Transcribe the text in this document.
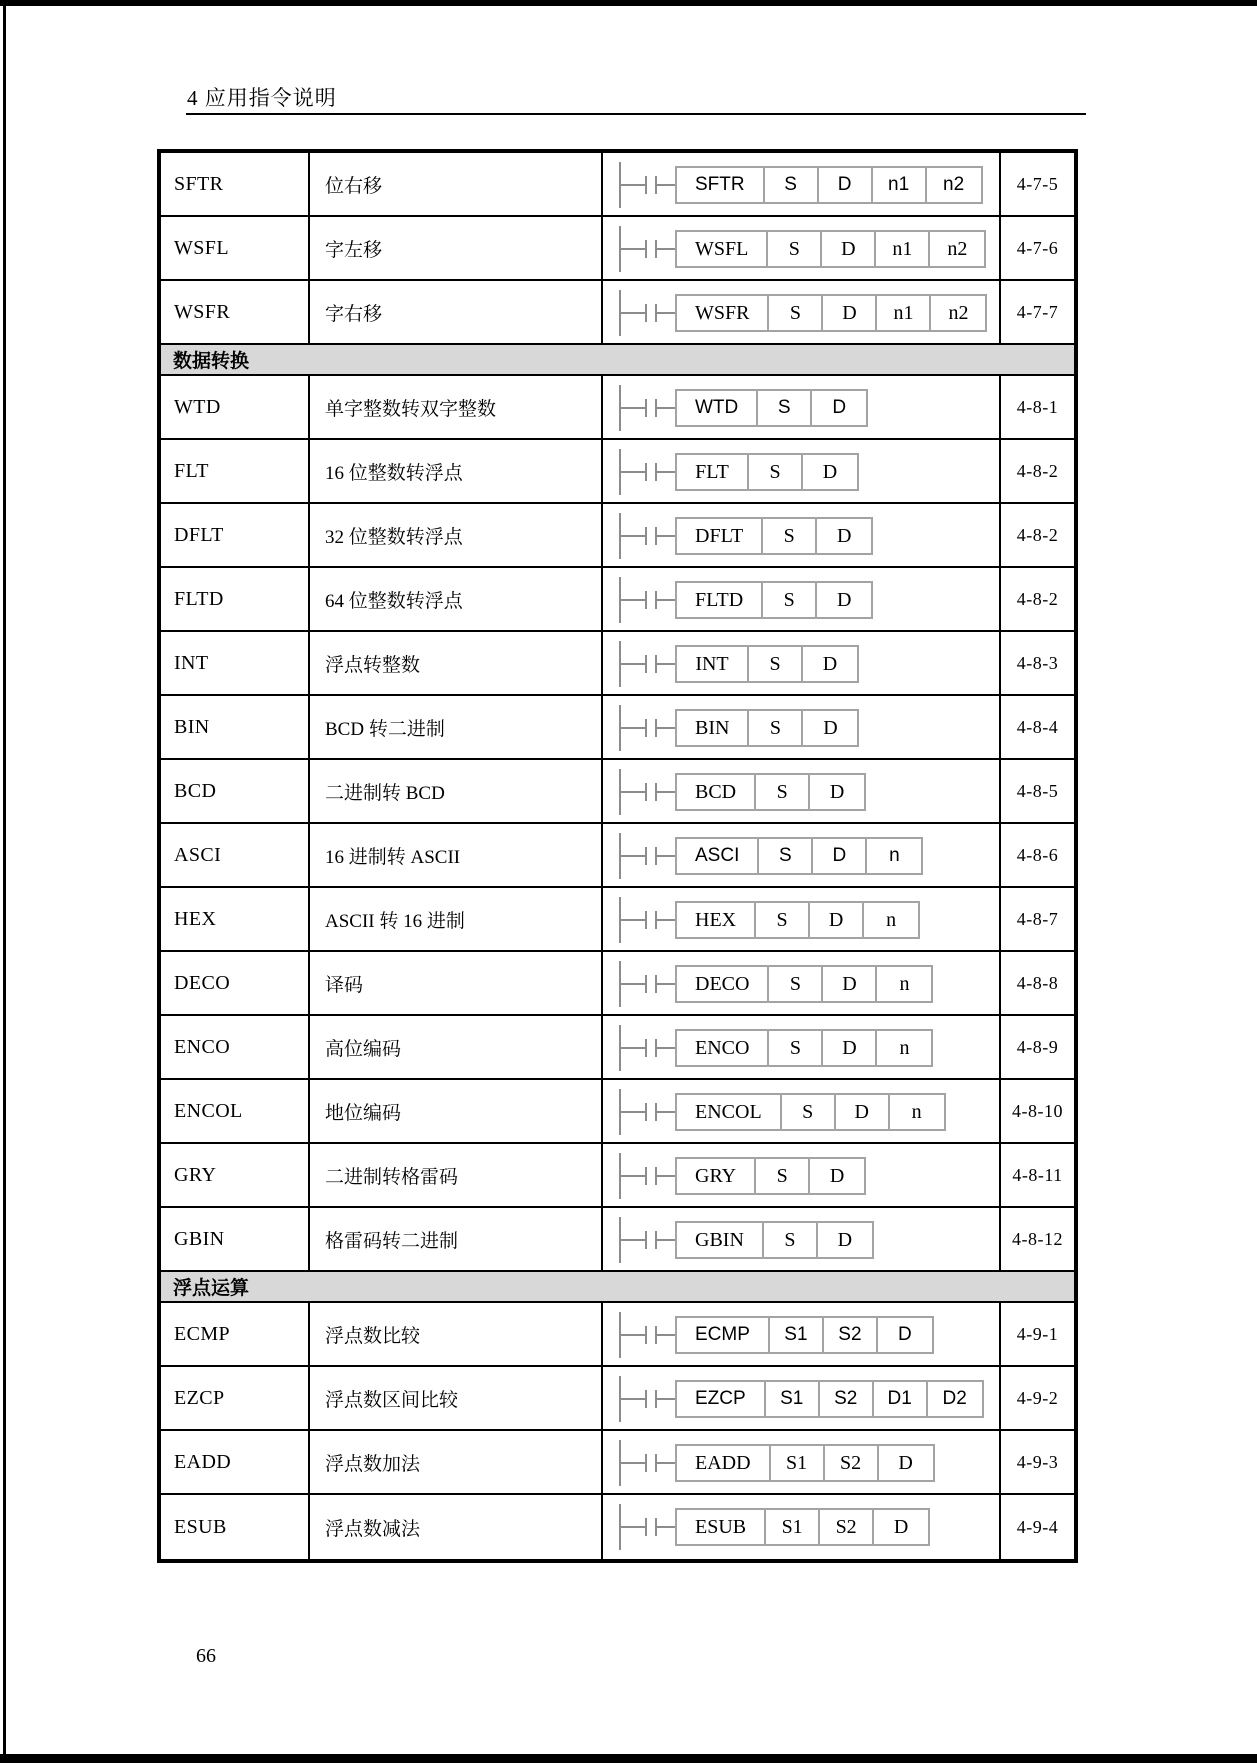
4 应用指令说明
SFTR	位右移	SFTR	S	D	n1	n2	4-7-5
WSFL	字左移	WSFL	S	D	n1	n2	4-7-6
WSFR	字右移	WSFR	S	D	n1	n2	4-7-7
数据转换
WTD	单字整数转双字整数	WTD	S	D	4-8-1
FLT	16 位整数转浮点	FLT	S	D	4-8-2
DFLT	32 位整数转浮点	DFLT	S	D	4-8-2
FLTD	64 位整数转浮点	FLTD	S	D	4-8-2
INT	浮点转整数	INT	S	D	4-8-3
BIN	BCD 转二进制	BIN	S	D	4-8-4
BCD	二进制转 BCD	BCD	S	D	4-8-5
ASCI	16 进制转 ASCII	ASCI	S	D	n	4-8-6
HEX	ASCII 转 16 进制	HEX	S	D	n	4-8-7
DECO	译码	DECO	S	D	n	4-8-8
ENCO	高位编码	ENCO	S	D	n	4-8-9
ENCOL	地位编码	ENCOL	S	D	n	4-8-10
GRY	二进制转格雷码	GRY	S	D	4-8-11
GBIN	格雷码转二进制	GBIN	S	D	4-8-12
浮点运算
ECMP	浮点数比较	ECMP	S1	S2	D	4-9-1
EZCP	浮点数区间比较	EZCP	S1	S2	D1	D2	4-9-2
EADD	浮点数加法	EADD	S1	S2	D	4-9-3
ESUB	浮点数减法	ESUB	S1	S2	D	4-9-4
66
